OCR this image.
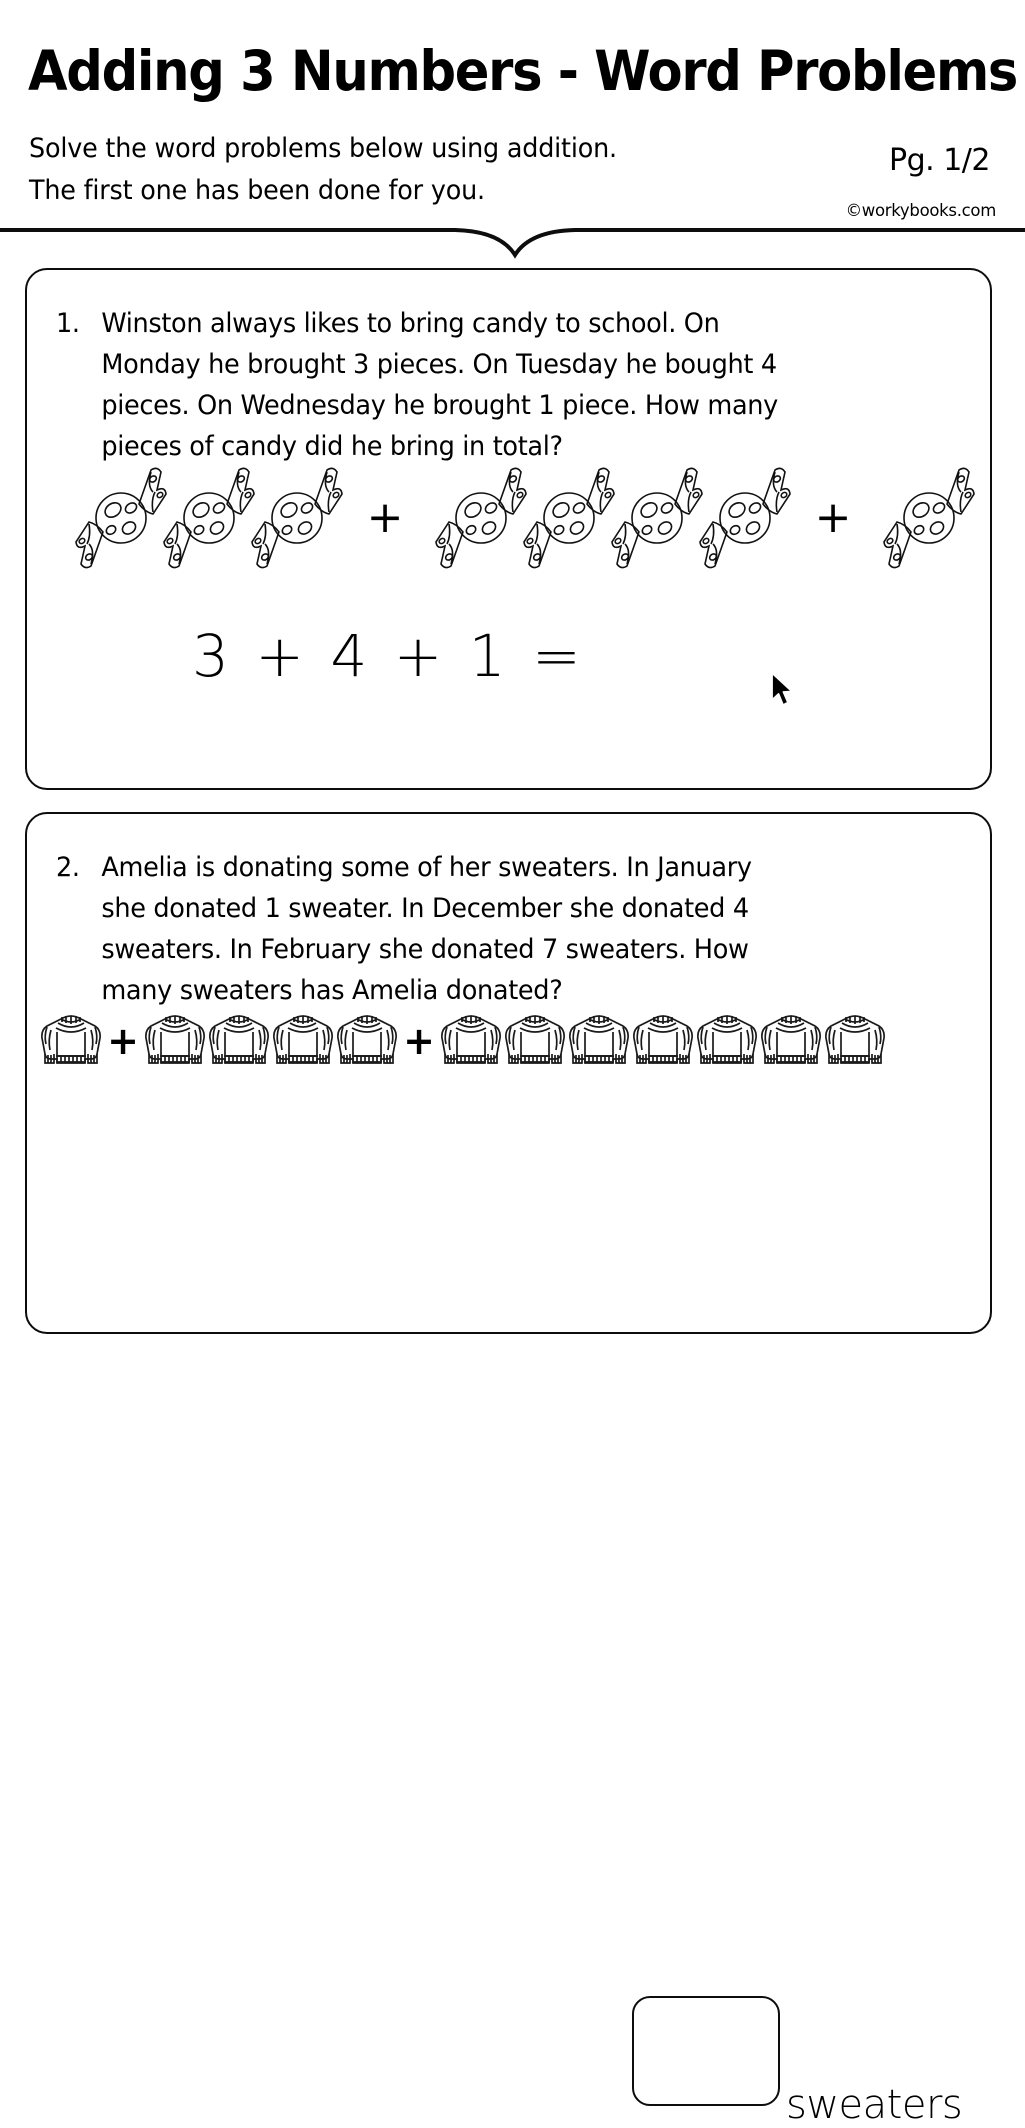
Adding 3 Numbers - Word Problems
Solve the word problems below using addition.
The first one has been done for you.
Pg. 1/2
©workybooks.com
1. Winston always likes to bring candy to school. On
Monday he brought 3 pieces. On Tuesday he bought 4
pieces. On Wednesday he brought 1 piece. How many
pieces of candy did he bring in total?
+	+
3 + 4 + 1 =
2. Amelia is donating some of her sweaters. In January
she donated 1 sweater. In December she donated 4
sweaters. In February she donated 7 sweaters. How
many sweaters has Amelia donated?
+	+
sweaters
